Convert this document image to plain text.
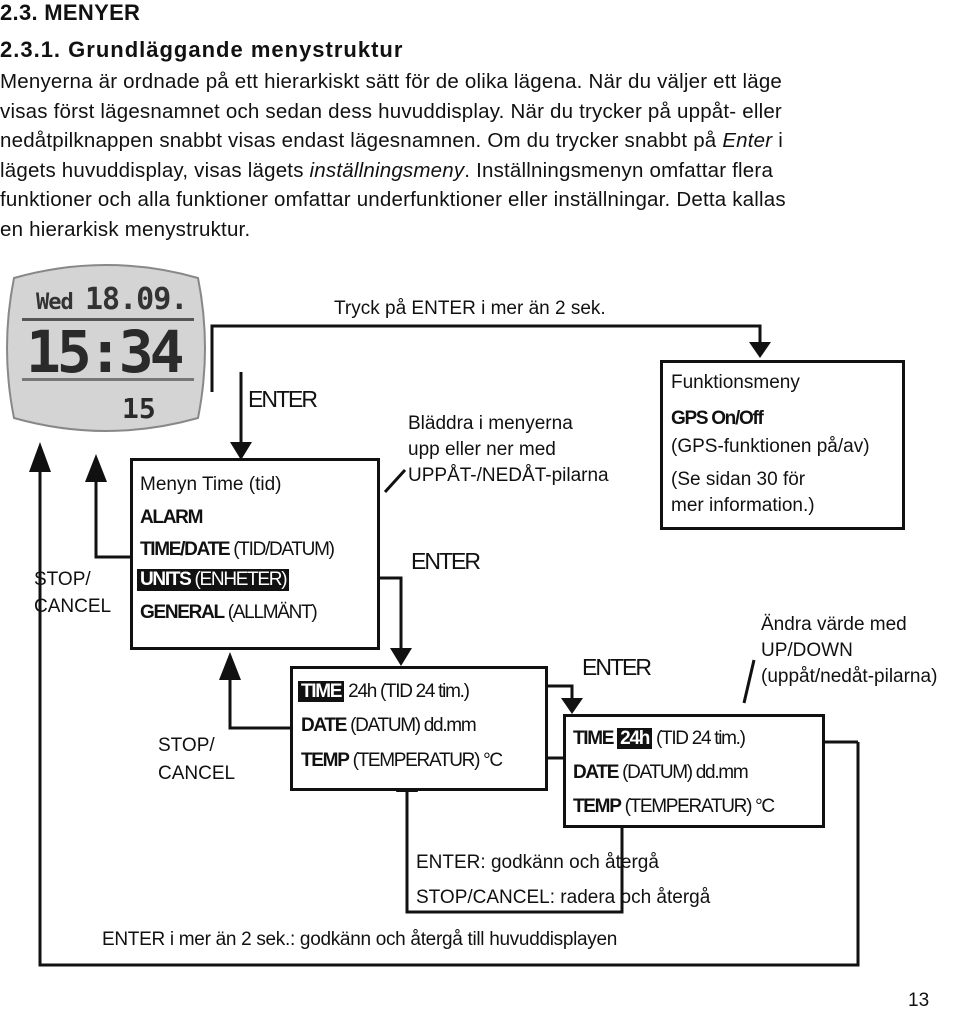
2.3. MENYER
2.3.1. Grundläggande menystruktur

Menyerna är ordnade på ett hierarkiskt sätt för de olika lägena. När du väljer ett läge

visas först lägesnamnet och sedan dess huvuddisplay. När du trycker på uppåt- eller

nedåtpilknappen snabbt visas endast lägesnamnen. Om du trycker snabbt på Enter i

lägets huvuddisplay, visas lägets inställningsmeny. Inställningsmenyn omfattar flera

funktioner och alla funktioner omfattar underfunktioner eller inställningar. Detta kallas

en hierarkisk menystruktur.

Wed 18.09.
15:34
15
Tryck på ENTER i mer än 2 sek.
ENTER
Funktionsmeny
GPS On/Off
(GPS-funktionen på/av)
(Se sidan 30 för
mer information.)
Bläddra i menyerna
upp eller ner med
UPPÅT-/NEDÅT-pilarna
Menyn Time (tid)
ALARM
TIME/DATE (TID/DATUM)
UNITS (ENHETER)
GENERAL (ALLMÄNT)
STOP/
CANCEL
ENTER
Ändra värde med
UP/DOWN
(uppåt/nedåt-pilarna)
ENTER
TIME 24h (TID 24 tim.)
DATE (DATUM) dd.mm
TEMP (TEMPERATUR) °C
STOP/
CANCEL
TIME 24h (TID 24 tim.)
DATE (DATUM) dd.mm
TEMP (TEMPERATUR) °C
ENTER: godkänn och återgå
STOP/CANCEL: radera och återgå
ENTER i mer än 2 sek.: godkänn och återgå till huvuddisplayen
13
